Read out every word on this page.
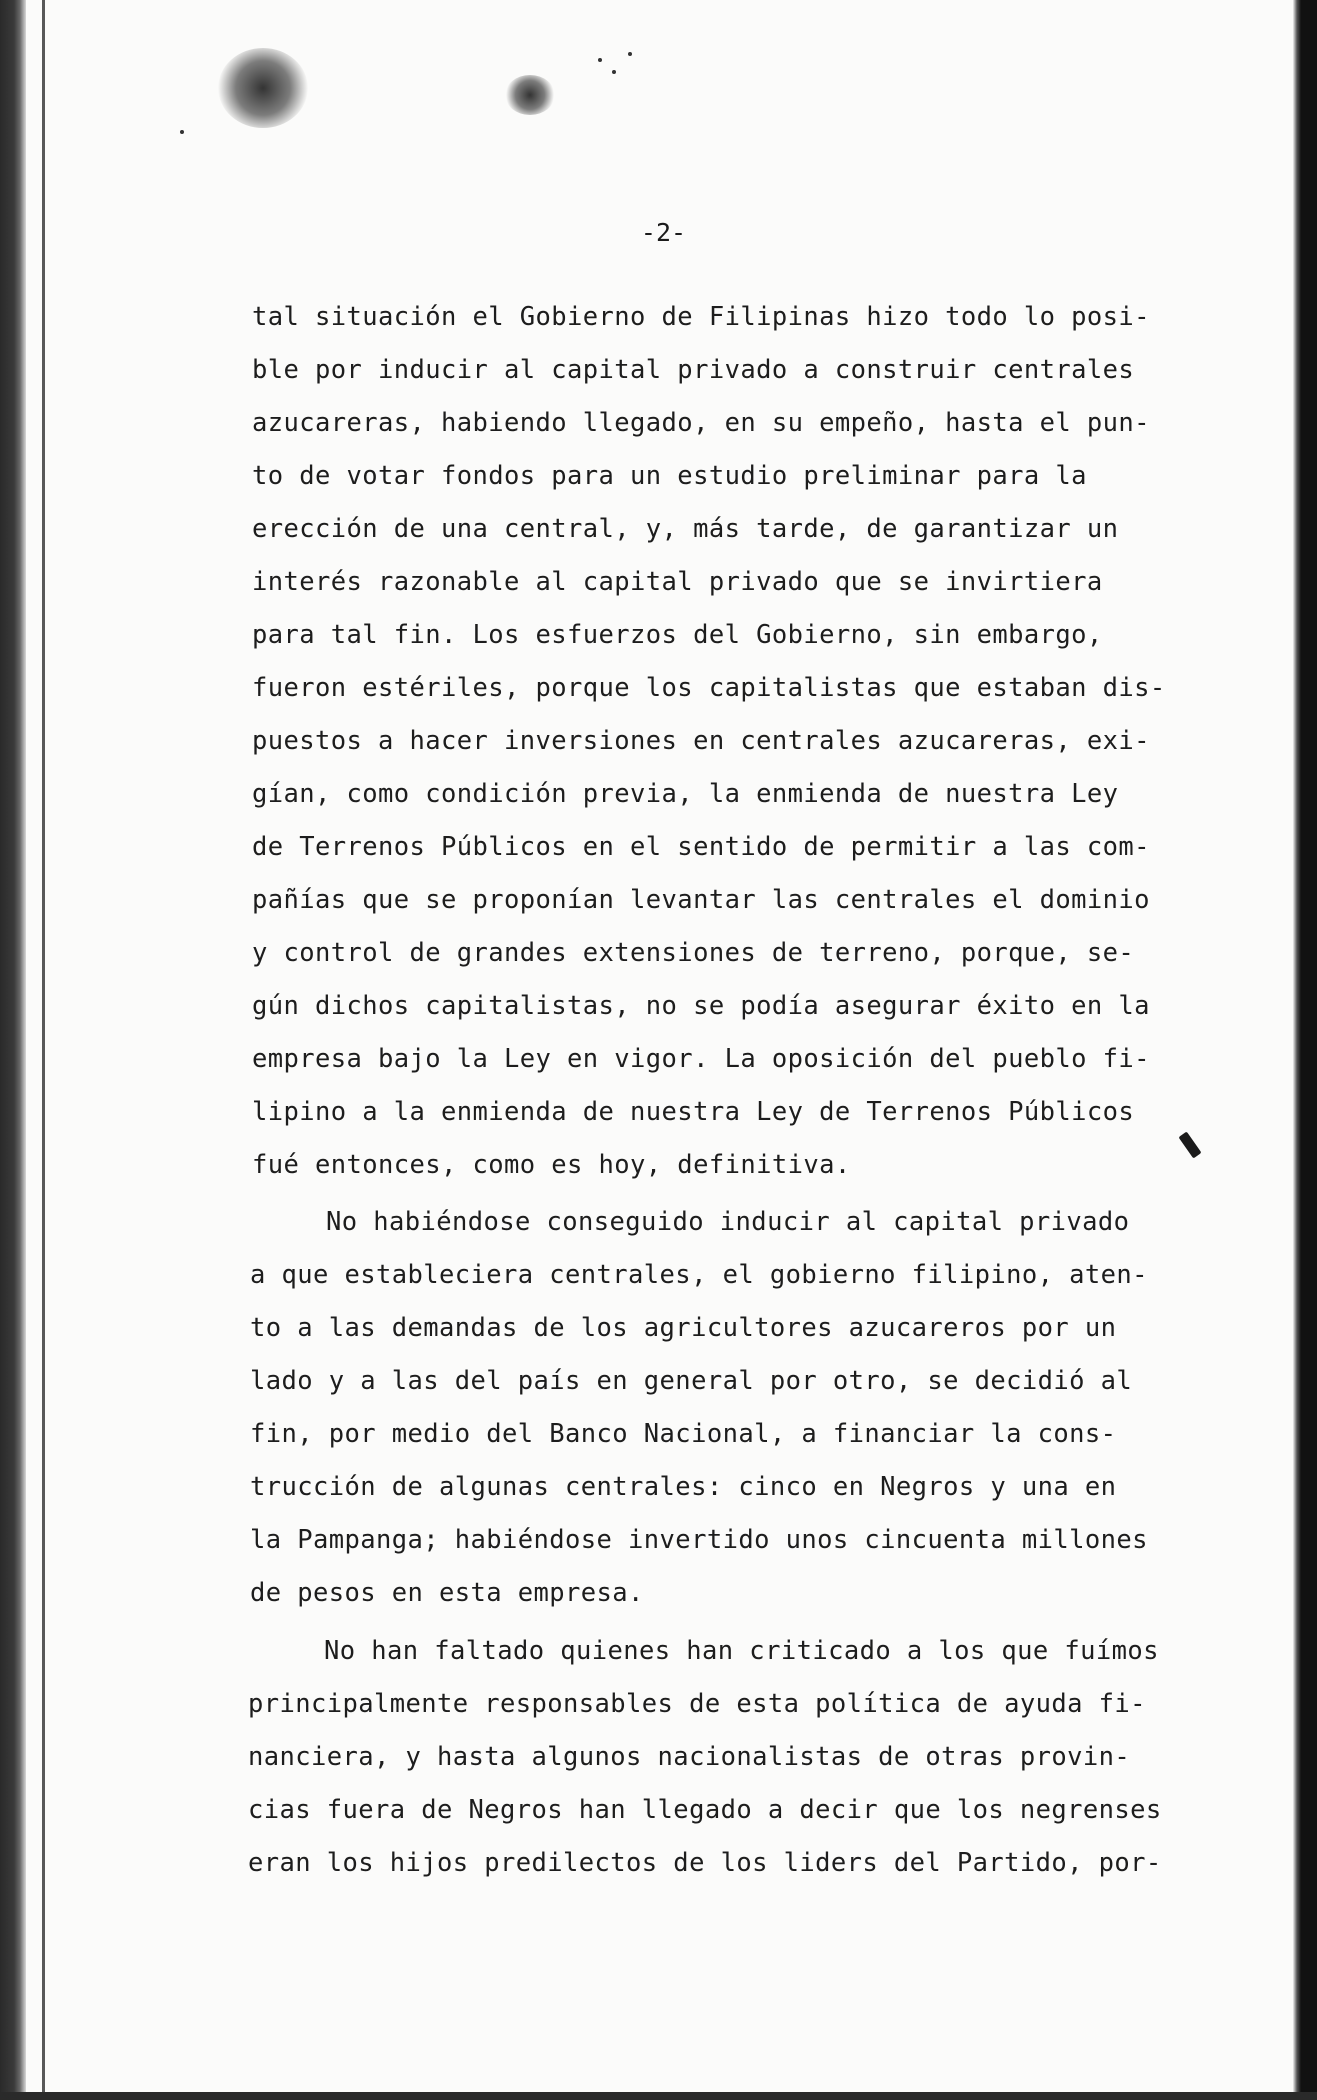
-2-
tal situación el Gobierno de Filipinas hizo todo lo posi-
ble por inducir al capital privado a construir centrales
azucareras, habiendo llegado, en su empeño, hasta el pun-
to de votar fondos para un estudio preliminar para la
erección de una central, y, más tarde, de garantizar un
interés razonable al capital privado que se invirtiera
para tal fin. Los esfuerzos del Gobierno, sin embargo,
fueron estériles, porque los capitalistas que estaban dis-
puestos a hacer inversiones en centrales azucareras, exi-
gían, como condición previa, la enmienda de nuestra Ley
de Terrenos Públicos en el sentido de permitir a las com-
pañías que se proponían levantar las centrales el dominio
y control de grandes extensiones de terreno, porque, se-
gún dichos capitalistas, no se podía asegurar éxito en la
empresa bajo la Ley en vigor. La oposición del pueblo fi-
lipino a la enmienda de nuestra Ley de Terrenos Públicos
fué entonces, como es hoy, definitiva.
No habiéndose conseguido inducir al capital privado
a que estableciera centrales, el gobierno filipino, aten-
to a las demandas de los agricultores azucareros por un
lado y a las del país en general por otro, se decidió al
fin, por medio del Banco Nacional, a financiar la cons-
trucción de algunas centrales: cinco en Negros y una en
la Pampanga; habiéndose invertido unos cincuenta millones
de pesos en esta empresa.
No han faltado quienes han criticado a los que fuímos
principalmente responsables de esta política de ayuda fi-
nanciera, y hasta algunos nacionalistas de otras provin-
cias fuera de Negros han llegado a decir que los negrenses
eran los hijos predilectos de los liders del Partido, por-
